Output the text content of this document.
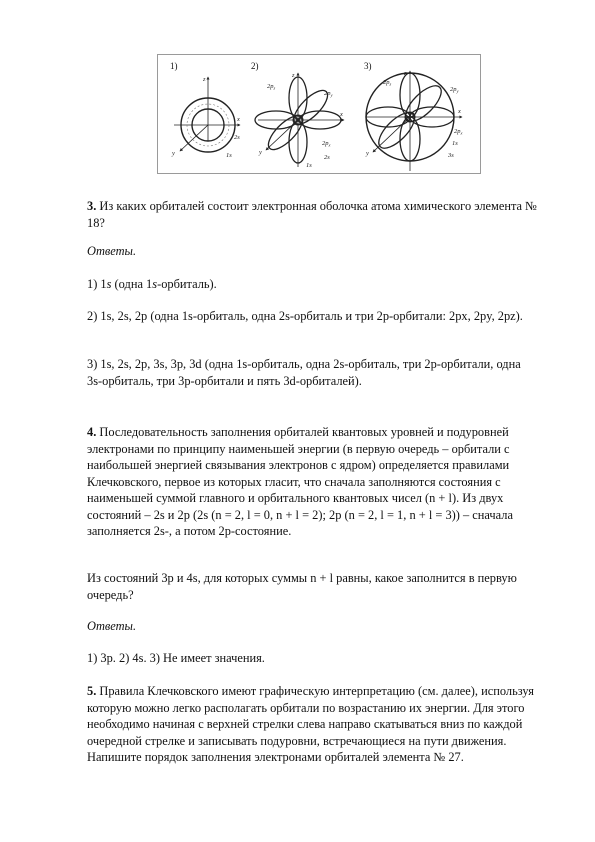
1)
z
x
y	1s
2s
2)
z
x
y
$2p_z$
$2p_y$
$2p_x$
1s
2s
3)
z
x
y
$2p_z$
$2p_y$
$2p_x$
1s
3s

3. Из каких орбиталей состоит электронная оболочка атома химического элемента № 18?

Ответы.
1) 1s (одна 1s-орбиталь).
2) 1s, 2s, 2p (одна 1s-орбиталь, одна 2s-орбиталь и три 2p-орбитали: 2px, 2py, 2pz).

3) 1s, 2s, 2p, 3s, 3p, 3d (одна 1s-орбиталь, одна 2s-орбиталь, три 2p-орбитали, одна

3s-орбиталь, три 3p-орбитали и пять 3d-орбиталей).

4. Последовательность заполнения орбиталей квантовых уровней и подуровней электронами по принципу наименьшей энергии (в первую очередь – орбитали с наибольшей энергией связывания электронов с ядром) определяется правилами Клечковского, первое из которых гласит, что сначала заполняются состояния с наименьшей суммой главного и орбитального квантовых чисел (n + l). Из двух состояний – 2s и 2p (2s (n = 2, l = 0, n + l = 2); 2p (n = 2, l = 1, n + l = 3)) – сначала заполняется 2s-, а потом 2p-состояние.

Из состояний 3p и 4s, для которых суммы n + l равны, какое заполнится в первую очередь?
Ответы.
1) 3p. 2) 4s. 3) Не имеет значения.

5. Правила Клечковского имеют графическую интерпретацию (см. далее), используя которую можно легко располагать орбитали по возрастанию их энергии. Для этого необходимо начиная с верхней стрелки слева направо скатываться вниз по каждой очередной стрелке и записывать подуровни, встречающиеся на пути движения. Напишите порядок заполнения электронами орбиталей элемента № 27.
